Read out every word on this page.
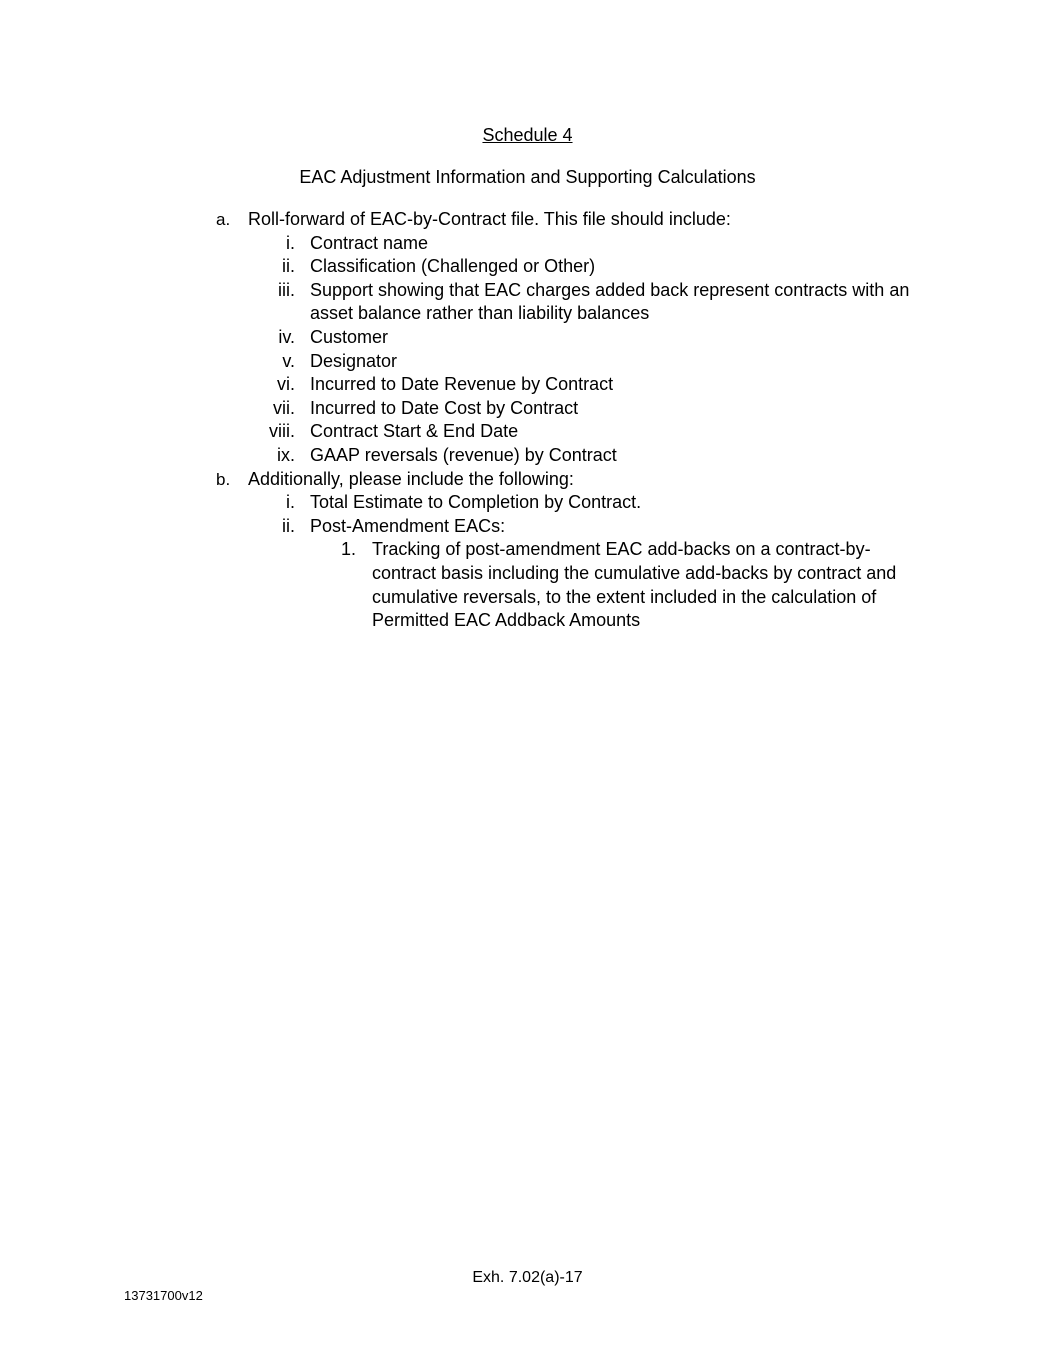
Schedule 4
EAC Adjustment Information and Supporting Calculations
a. Roll-forward of EAC-by-Contract file. This file should include:
i. Contract name
ii. Classification (Challenged or Other)
iii. Support showing that EAC charges added back represent contracts with an asset balance rather than liability balances
iv. Customer
v. Designator
vi. Incurred to Date Revenue by Contract
vii. Incurred to Date Cost by Contract
viii. Contract Start & End Date
ix. GAAP reversals (revenue) by Contract
b. Additionally, please include the following:
i. Total Estimate to Completion by Contract.
ii. Post-Amendment EACs:
1. Tracking of post-amendment EAC add-backs on a contract-by-contract basis including the cumulative add-backs by contract and cumulative reversals, to the extent included in the calculation of Permitted EAC Addback Amounts
Exh. 7.02(a)-17
13731700v12
